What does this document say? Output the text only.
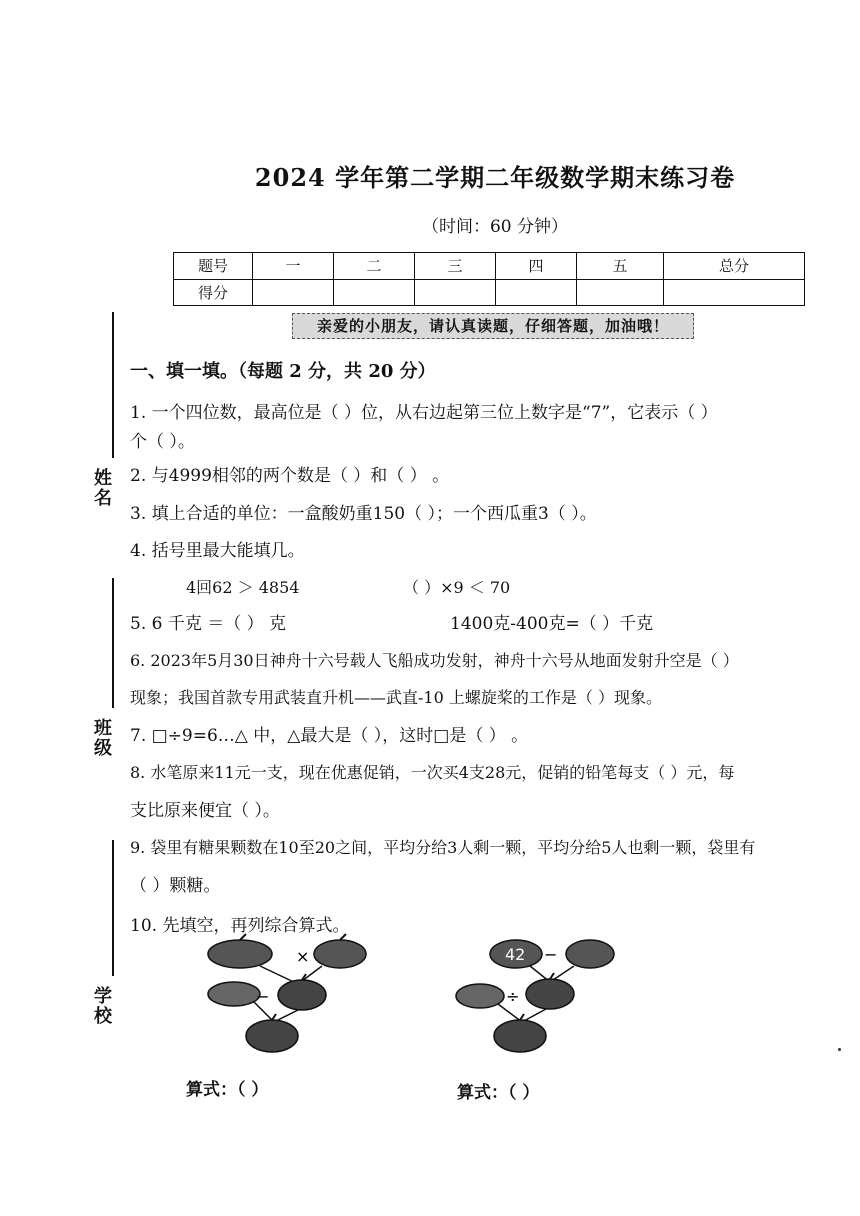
2024 学年第二学期二年级数学期末练习卷
（时间：60 分钟）
题号	一	二	三	四	五	总分
得分						
亲爱的小朋友，请认真读题，仔细答题，加油哦！
姓名
班级
学校
一、填一填。（每题 2 分，共 20 分）
1. 一个四位数，最高位是（ ）位，从右边起第三位上数字是“7”，它表示（ ）
个（ ）。
2. 与4999相邻的两个数是（ ）和（ ） 。
3. 填上合适的单位：一盒酸奶重150（ ）；一个西瓜重3（ ）。
4. 括号里最大能填几。
4回62 ＞ 4854	（ ）×9 ＜ 70
5. 6 千克 ＝（ ） 克	1400克-400克=（ ）千克
6. 2023年5月30日神舟十六号载人飞船成功发射，神舟十六号从地面发射升空是（ ）
现象；我国首款专用武装直升机——武直-10 上螺旋桨的工作是（ ）现象。
7. □÷9=6…△ 中，△最大是（ ），这时□是（ ） 。
8. 水笔原来11元一支，现在优惠促销，一次买4支28元，促销的铅笔每支（ ）元，每
支比原来便宜（ ）。
9. 袋里有糖果颗数在10至20之间，平均分给3人剩一颗，平均分给5人也剩一颗，袋里有
（ ）颗糖。
10. 先填空，再列综合算式。
×
−
42 −
÷
算式：（ ）	算式：（ ）
